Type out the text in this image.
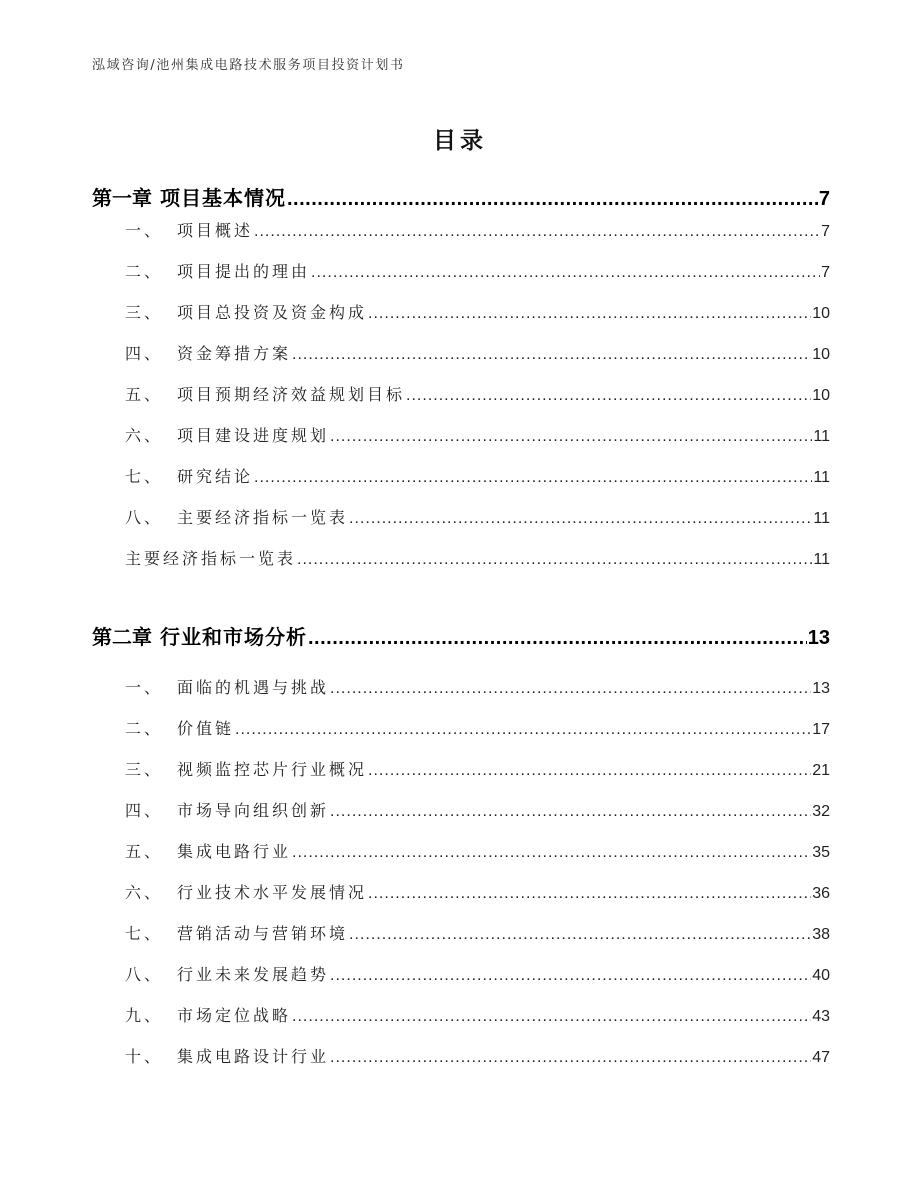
泓域咨询/池州集成电路技术服务项目投资计划书
目录
第一章 项目基本情况 .....	7
一、 项目概述 .....	7
二、 项目提出的理由 .....	7
三、 项目总投资及资金构成 .....	10
四、 资金筹措方案 .....	10
五、 项目预期经济效益规划目标 .....	10
六、 项目建设进度规划 .....	11
七、 研究结论 .....	11
八、 主要经济指标一览表 .....	11
主要经济指标一览表 .....	11
第二章 行业和市场分析 .....	13
一、 面临的机遇与挑战 .....	13
二、 价值链 .....	17
三、 视频监控芯片行业概况 .....	21
四、 市场导向组织创新 .....	32
五、 集成电路行业 .....	35
六、 行业技术水平发展情况 .....	36
七、 营销活动与营销环境 .....	38
八、 行业未来发展趋势 .....	40
九、 市场定位战略 .....	43
十、 集成电路设计行业 .....	47
